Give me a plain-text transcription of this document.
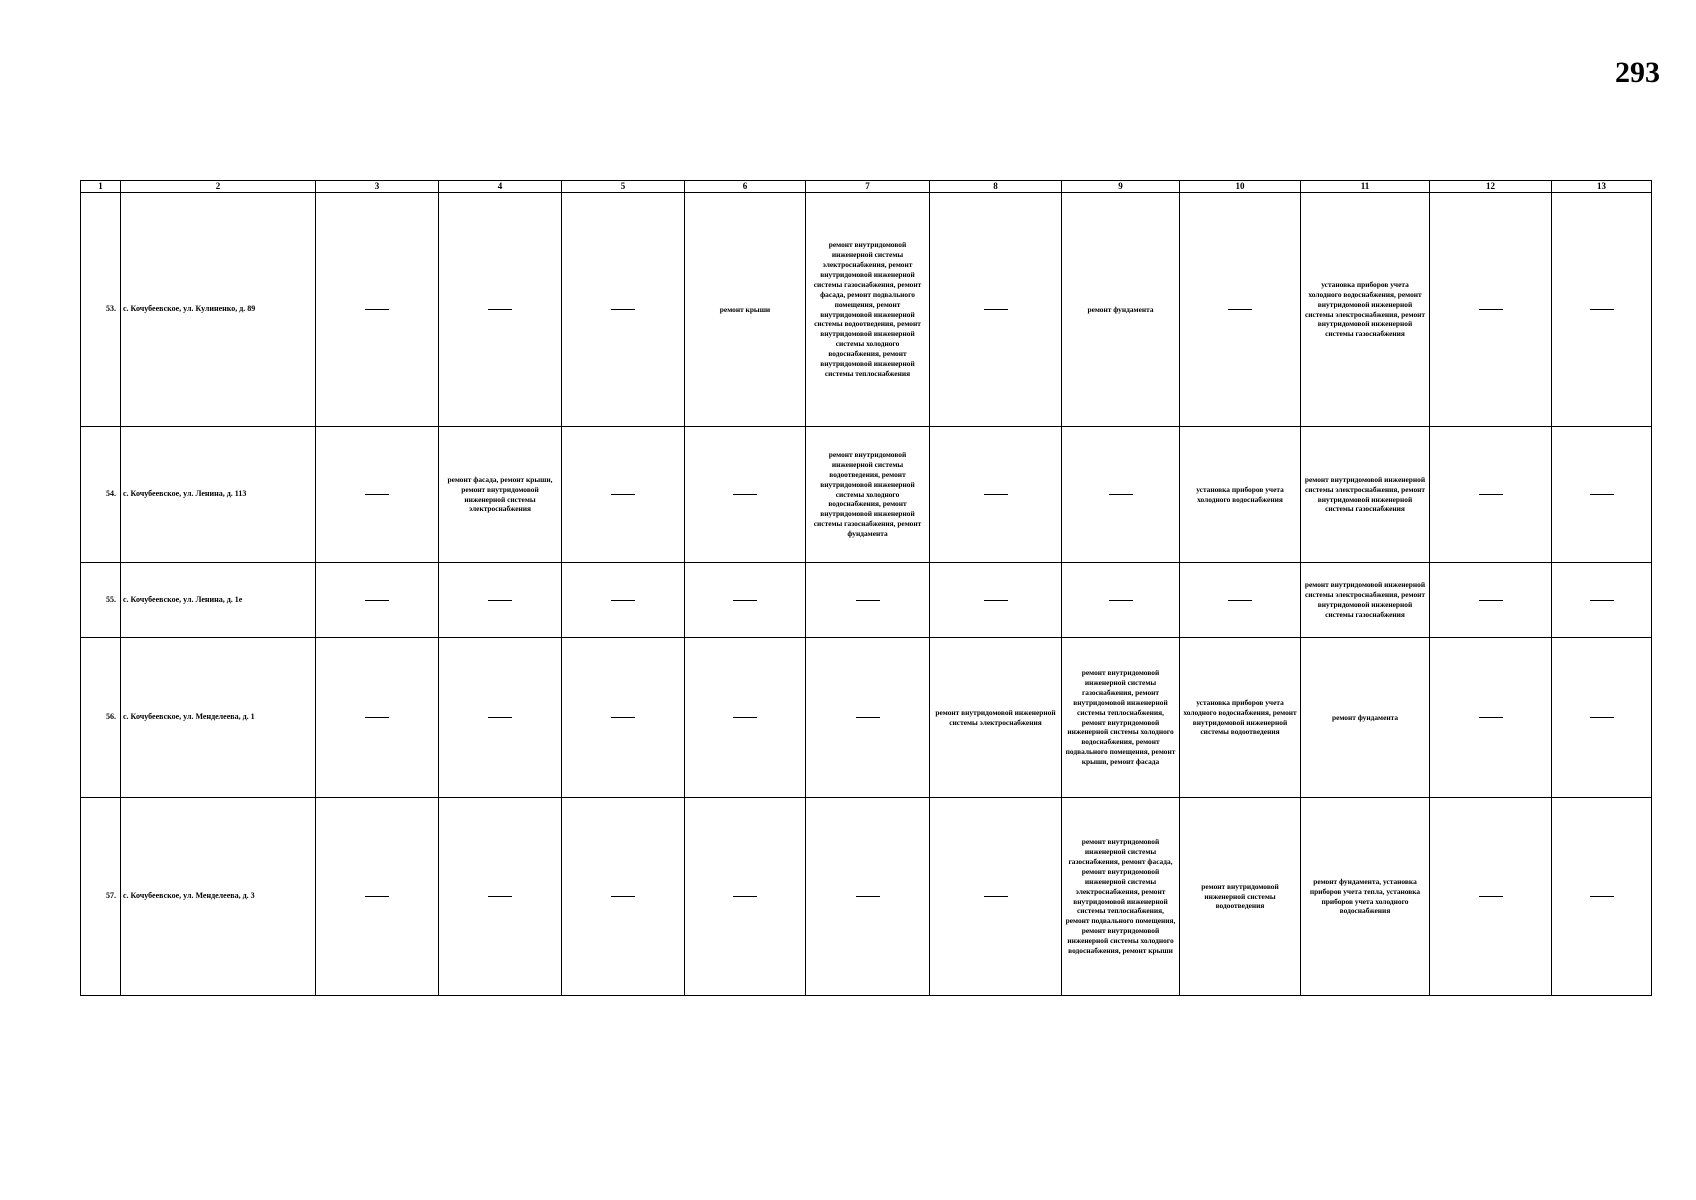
293
1	2	3	4	5	6	7	8	9	10	11	12	13
53.	с. Кочубеевское, ул. Кулиненко, д. 89				ремонт крыши	ремонт внутридомовой инженерной системы электроснабжения, ремонт внутридомовой инженерной системы газоснабжения, ремонт фасада, ремонт подвального помещения, ремонт внутридомовой инженерной системы водоотведения, ремонт внутридомовой инженерной системы холодного водоснабжения, ремонт внутридомовой инженерной системы теплоснабжения		ремонт фундамента		установка приборов учета холодного водоснабжения, ремонт внутридомовой инженерной системы электроснабжения, ремонт внутридомовой инженерной системы газоснабжения		
54.	с. Кочубеевское, ул. Ленина, д. 113		ремонт фасада, ремонт крыши, ремонт внутридомовой инженерной системы электроснабжения			ремонт внутридомовой инженерной системы водоотведения, ремонт внутридомовой инженерной системы холодного водоснабжения, ремонт внутридомовой инженерной системы газоснабжения, ремонт фундамента			установка приборов учета холодного водоснабжения	ремонт внутридомовой инженерной системы электроснабжения, ремонт внутридомовой инженерной системы газоснабжения		
55.	с. Кочубеевское, ул. Ленина, д. 1е									ремонт внутридомовой инженерной системы электроснабжения, ремонт внутридомовой инженерной системы газоснабжения		
56.	с. Кочубеевское, ул. Менделеева, д. 1						ремонт внутридомовой инженерной системы электроснабжения	ремонт внутридомовой инженерной системы газоснабжения, ремонт внутридомовой инженерной системы теплоснабжения, ремонт внутридомовой инженерной системы холодного водоснабжения, ремонт подвального помещения, ремонт крыши, ремонт фасада	установка приборов учета холодного водоснабжения, ремонт внутридомовой инженерной системы водоотведения	ремонт фундамента		
57.	с. Кочубеевское, ул. Менделеева, д. 3							ремонт внутридомовой инженерной системы газоснабжения, ремонт фасада, ремонт внутридомовой инженерной системы электроснабжения, ремонт внутридомовой инженерной системы теплоснабжения, ремонт подвального помещения, ремонт внутридомовой инженерной системы холодного водоснабжения, ремонт крыши	ремонт внутридомовой инженерной системы водоотведения	ремонт фундамента, установка приборов учета тепла, установка приборов учета холодного водоснабжения		
